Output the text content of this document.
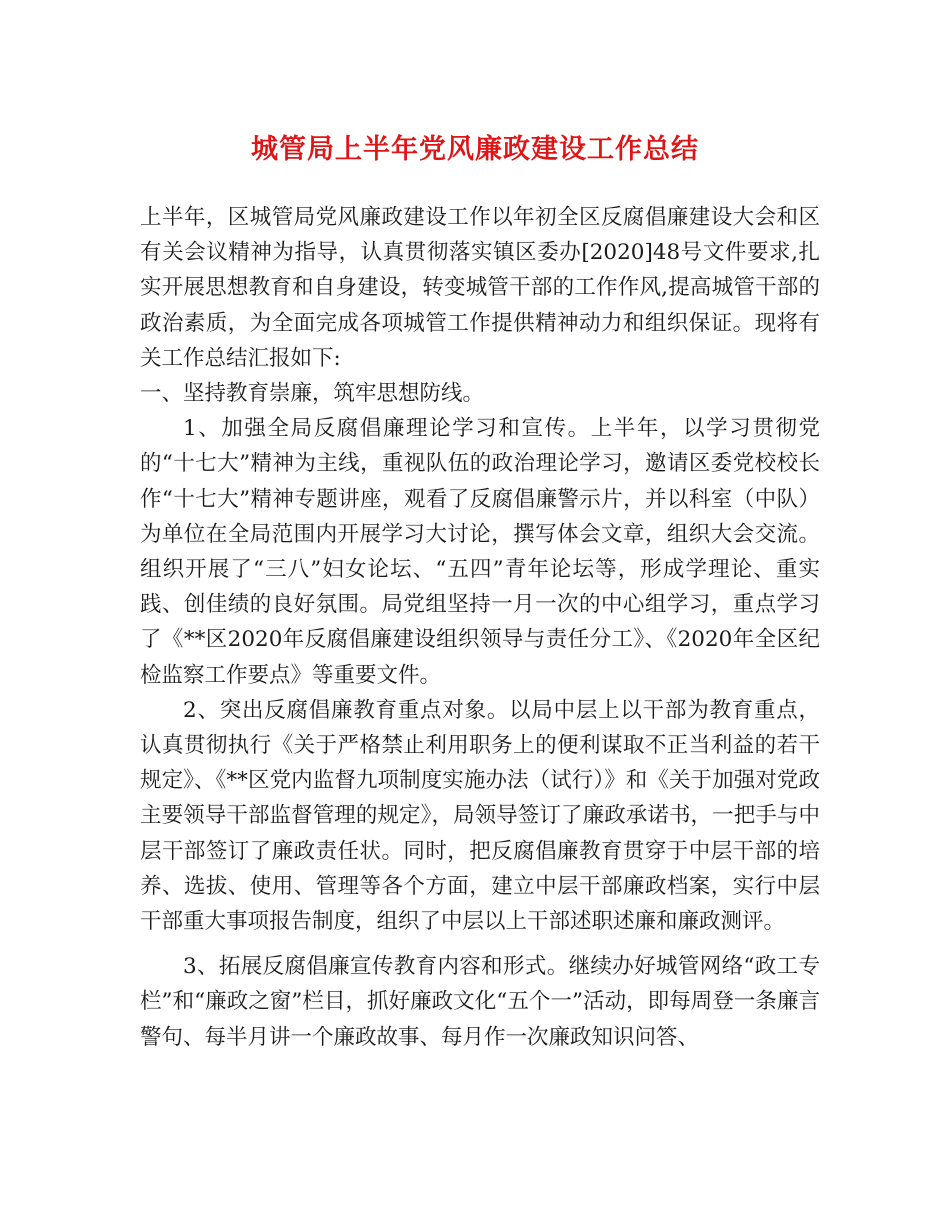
城管局上半年党风廉政建设工作总结

上半年，区城管局党风廉政建设工作以年初全区反腐倡廉建设大会和区有关会议精神为指导，认真贯彻落实镇区委办[2020]48号文件要求,扎实开展思想教育和自身建设，转变城管干部的工作作风,提高城管干部的政治素质，为全面完成各项城管工作提供精神动力和组织保证。现将有关工作总结汇报如下:

一、坚持教育崇廉，筑牢思想防线。

1、加强全局反腐倡廉理论学习和宣传。上半年，以学习贯彻党的“十七大”精神为主线，重视队伍的政治理论学习，邀请区委党校校长作“十七大”精神专题讲座，观看了反腐倡廉警示片，并以科室（中队）为单位在全局范围内开展学习大讨论，撰写体会文章，组织大会交流。组织开展了“三八”妇女论坛、“五四”青年论坛等，形成学理论、重实践、创佳绩的良好氛围。局党组坚持一月一次的中心组学习，重点学习了《**区2020年反腐倡廉建设组织领导与责任分工》、《2020年全区纪检监察工作要点》等重要文件。

2、突出反腐倡廉教育重点对象。以局中层上以干部为教育重点，认真贯彻执行《关于严格禁止利用职务上的便利谋取不正当利益的若干规定》、《**区党内监督九项制度实施办法（试行）》和《关于加强对党政主要领导干部监督管理的规定》，局领导签订了廉政承诺书，一把手与中层干部签订了廉政责任状。同时，把反腐倡廉教育贯穿于中层干部的培养、选拔、使用、管理等各个方面，建立中层干部廉政档案，实行中层干部重大事项报告制度，组织了中层以上干部述职述廉和廉政测评。

3、拓展反腐倡廉宣传教育内容和形式。继续办好城管网络“政工专栏”和“廉政之窗”栏目，抓好廉政文化“五个一”活动，即每周登一条廉言警句、每半月讲一个廉政故事、每月作一次廉政知识问答、
